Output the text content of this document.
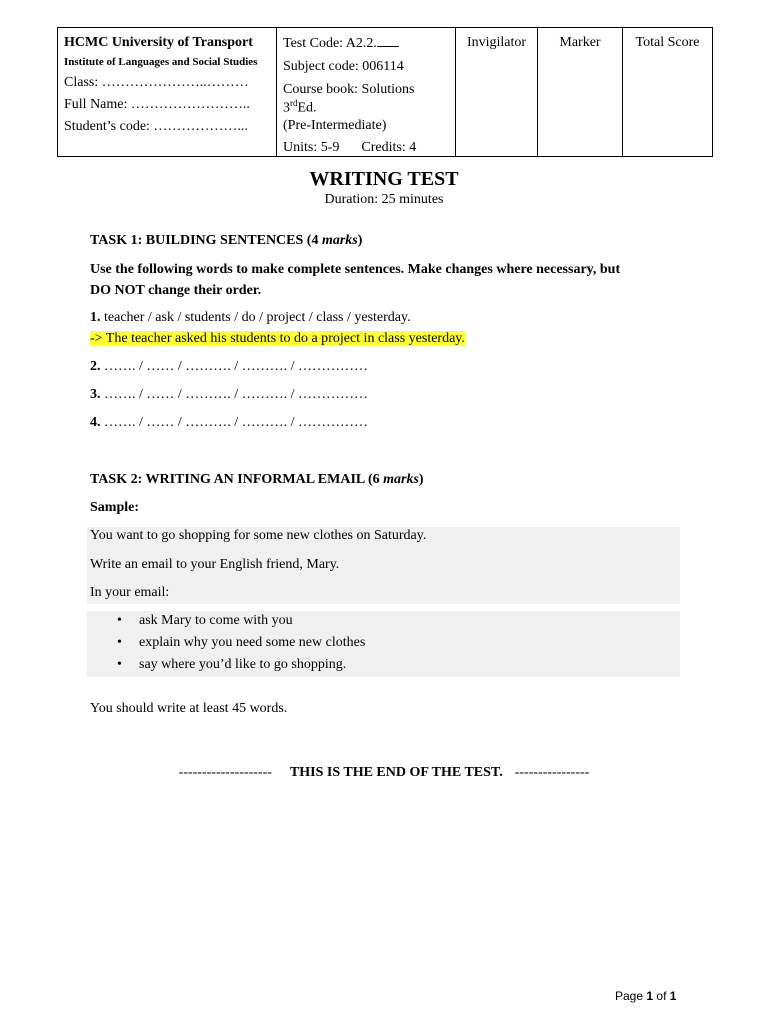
HCMC University of Transport
Institute of Languages and Social Studies
Class: …………………..………
Full Name: ……………………..
Student’s code: ………………...

Test Code: A2.2.
Subject code: 006114
Course book: Solutions 3rdEd.
(Pre-Intermediate)
Units: 5-9 Credits: 4

Invigilator	Marker	Total Score
WRITING TEST
Duration: 25 minutes
TASK 1: BUILDING SENTENCES (4 marks)
Use the following words to make complete sentences. Make changes where necessary, but
DO NOT change their order.
1. teacher / ask / students / do / project / class / yesterday.
-> The teacher asked his students to do a project in class yesterday.
2. ……. / …… / ………. / ………. / ……………
3. ……. / …… / ………. / ………. / ……………
4. ……. / …… / ………. / ………. / ……………
TASK 2: WRITING AN INFORMAL EMAIL (6 marks)
Sample:
You want to go shopping for some new clothes on Saturday.
Write an email to your English friend, Mary.
In your email:
• ask Mary to come with you
• explain why you need some new clothes
• say where you’d like to go shopping.
You should write at least 45 words.
-------------------- THIS IS THE END OF THE TEST. ----------------
Page 1 of 1
